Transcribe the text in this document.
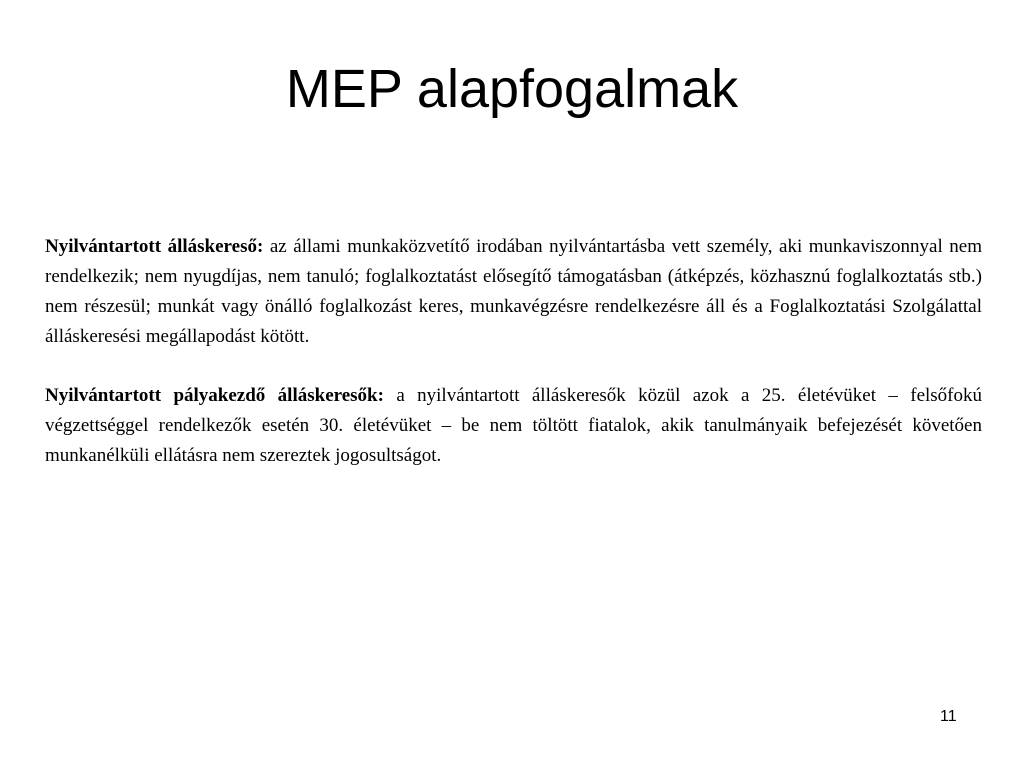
MEP alapfogalmak

Nyilvántartott álláskereső: az állami munkaközvetítő irodában nyilvántartásba vett személy, aki munkaviszonnyal nem rendelkezik; nem nyugdíjas, nem tanuló; foglalkoztatást elősegítő támogatásban (átképzés, közhasznú foglalkoztatás stb.) nem részesül; munkát vagy önálló foglalkozást keres, munkavégzésre rendelkezésre áll és a Foglalkoztatási Szolgálattal álláskeresési megállapodást kötött.

Nyilvántartott pályakezdő álláskeresők: a nyilvántartott álláskeresők közül azok a 25. életévüket – felsőfokú végzettséggel rendelkezők esetén 30. életévüket – be nem töltött fiatalok, akik tanulmányaik befejezését követően munkanélküli ellátásra nem szereztek jogosultságot.

11
